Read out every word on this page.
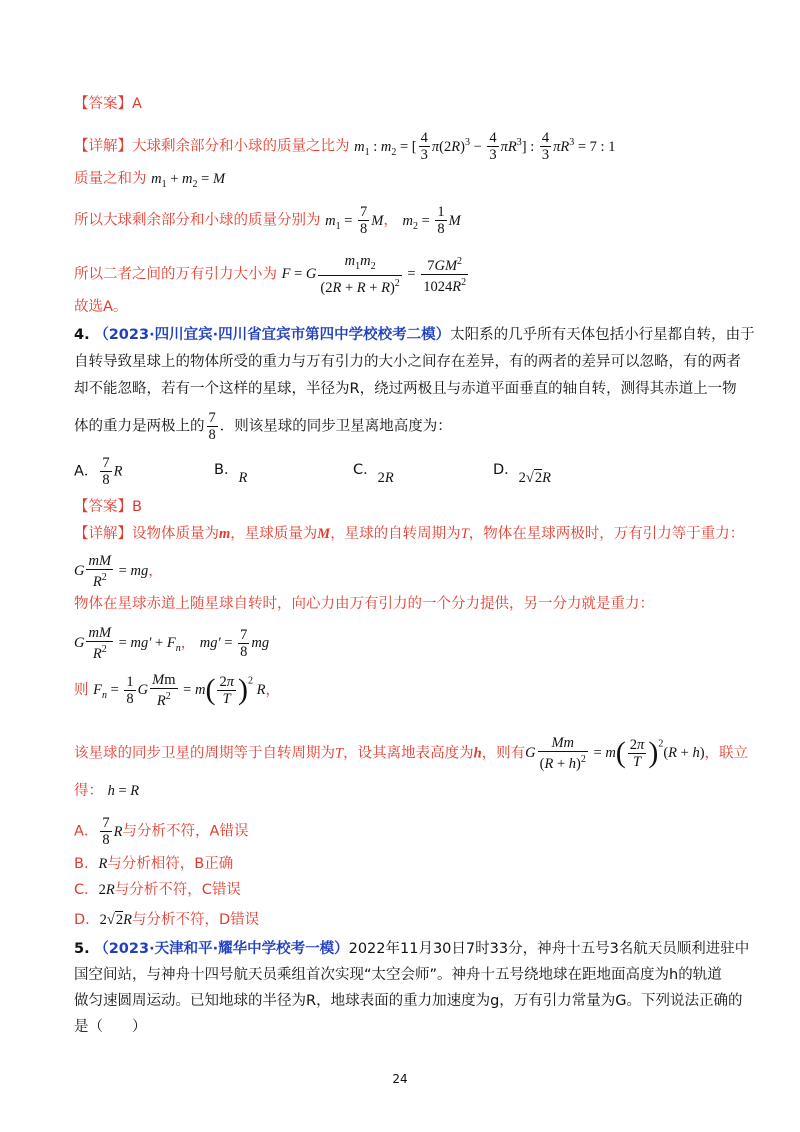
【答案】A
【详解】大球剩余部分和小球的质量之比为 $m_1$ : $m_2$ = [ $\frac{4}{3} \pi(2R)^3 - \frac{4}{3} \pi R^3$] : $\frac{4}{3} \pi R^3 = 7$ : 1
质量之和为 $m_1 + m_2 = M$
所以大球剩余部分和小球的质量分别为 $m_1 = \frac{7}{8}$ M， $m_2 = \frac{1}{8}$ M
所以二者之间的万有引力大小为 F = G $\frac{m_1m_2}{(2R + R + R)^2} = \frac{7GM^2}{1024R^2}$
故选A。
4. （2023·四川宜宾·四川省宜宾市第四中学校校考二模）太阳系的几乎所有天体包括小行星都自转，由于
自转导致星球上的物体所受的重力与万有引力的大小之间存在差异，有的两者的差异可以忽略，有的两者
却不能忽略，若有一个这样的星球，半径为R，绕过两极且与赤道平面垂直的轴自转，测得其赤道上一物
体的重力是两极上的 $\frac{7}{8}$ ．则该星球的同步卫星离地高度为：
A． $\frac{7}{8}$ R	B．R	C．2R	D．2√2R
【答案】B
【详解】设物体质量为m，星球质量为M，星球的自转周期为T，物体在星球两极时，万有引力等于重力：
G $\frac{mM}{R^2}$ = mg，
物体在星球赤道上随星球自转时，向心力由万有引力的一个分力提供，另一分力就是重力：
G $\frac{mM}{R^2} = mg' + F_n$， $mg' = \frac{7}{8}$ mg
则 $F_n = \frac{1}{8}$ G $\frac{Mm}{R^2} = m( \frac{2\pi}{T} )^2$ R，
该星球的同步卫星的周期等于自转周期为T，设其离地表高度为h，则有G $\frac{Mm}{(R + h)^2} = m( \frac{2\pi}{T} )^2(R + h)$，联立
得： h = R
A． $\frac{7}{8}$ R与分析不符，A错误
B．R与分析相符，B正确
C．2R与分析不符，C错误
D．2√2R与分析不符，D错误
5. （2023·天津和平·耀华中学校考一模）2022年11月30日7时33分，神舟十五号3名航天员顺利进驻中
国空间站，与神舟十四号航天员乘组首次实现“太空会师”。神舟十五号绕地球在距地面高度为h的轨道
做匀速圆周运动。已知地球的半径为R，地球表面的重力加速度为g，万有引力常量为G。下列说法正确的
是（　　）
24
